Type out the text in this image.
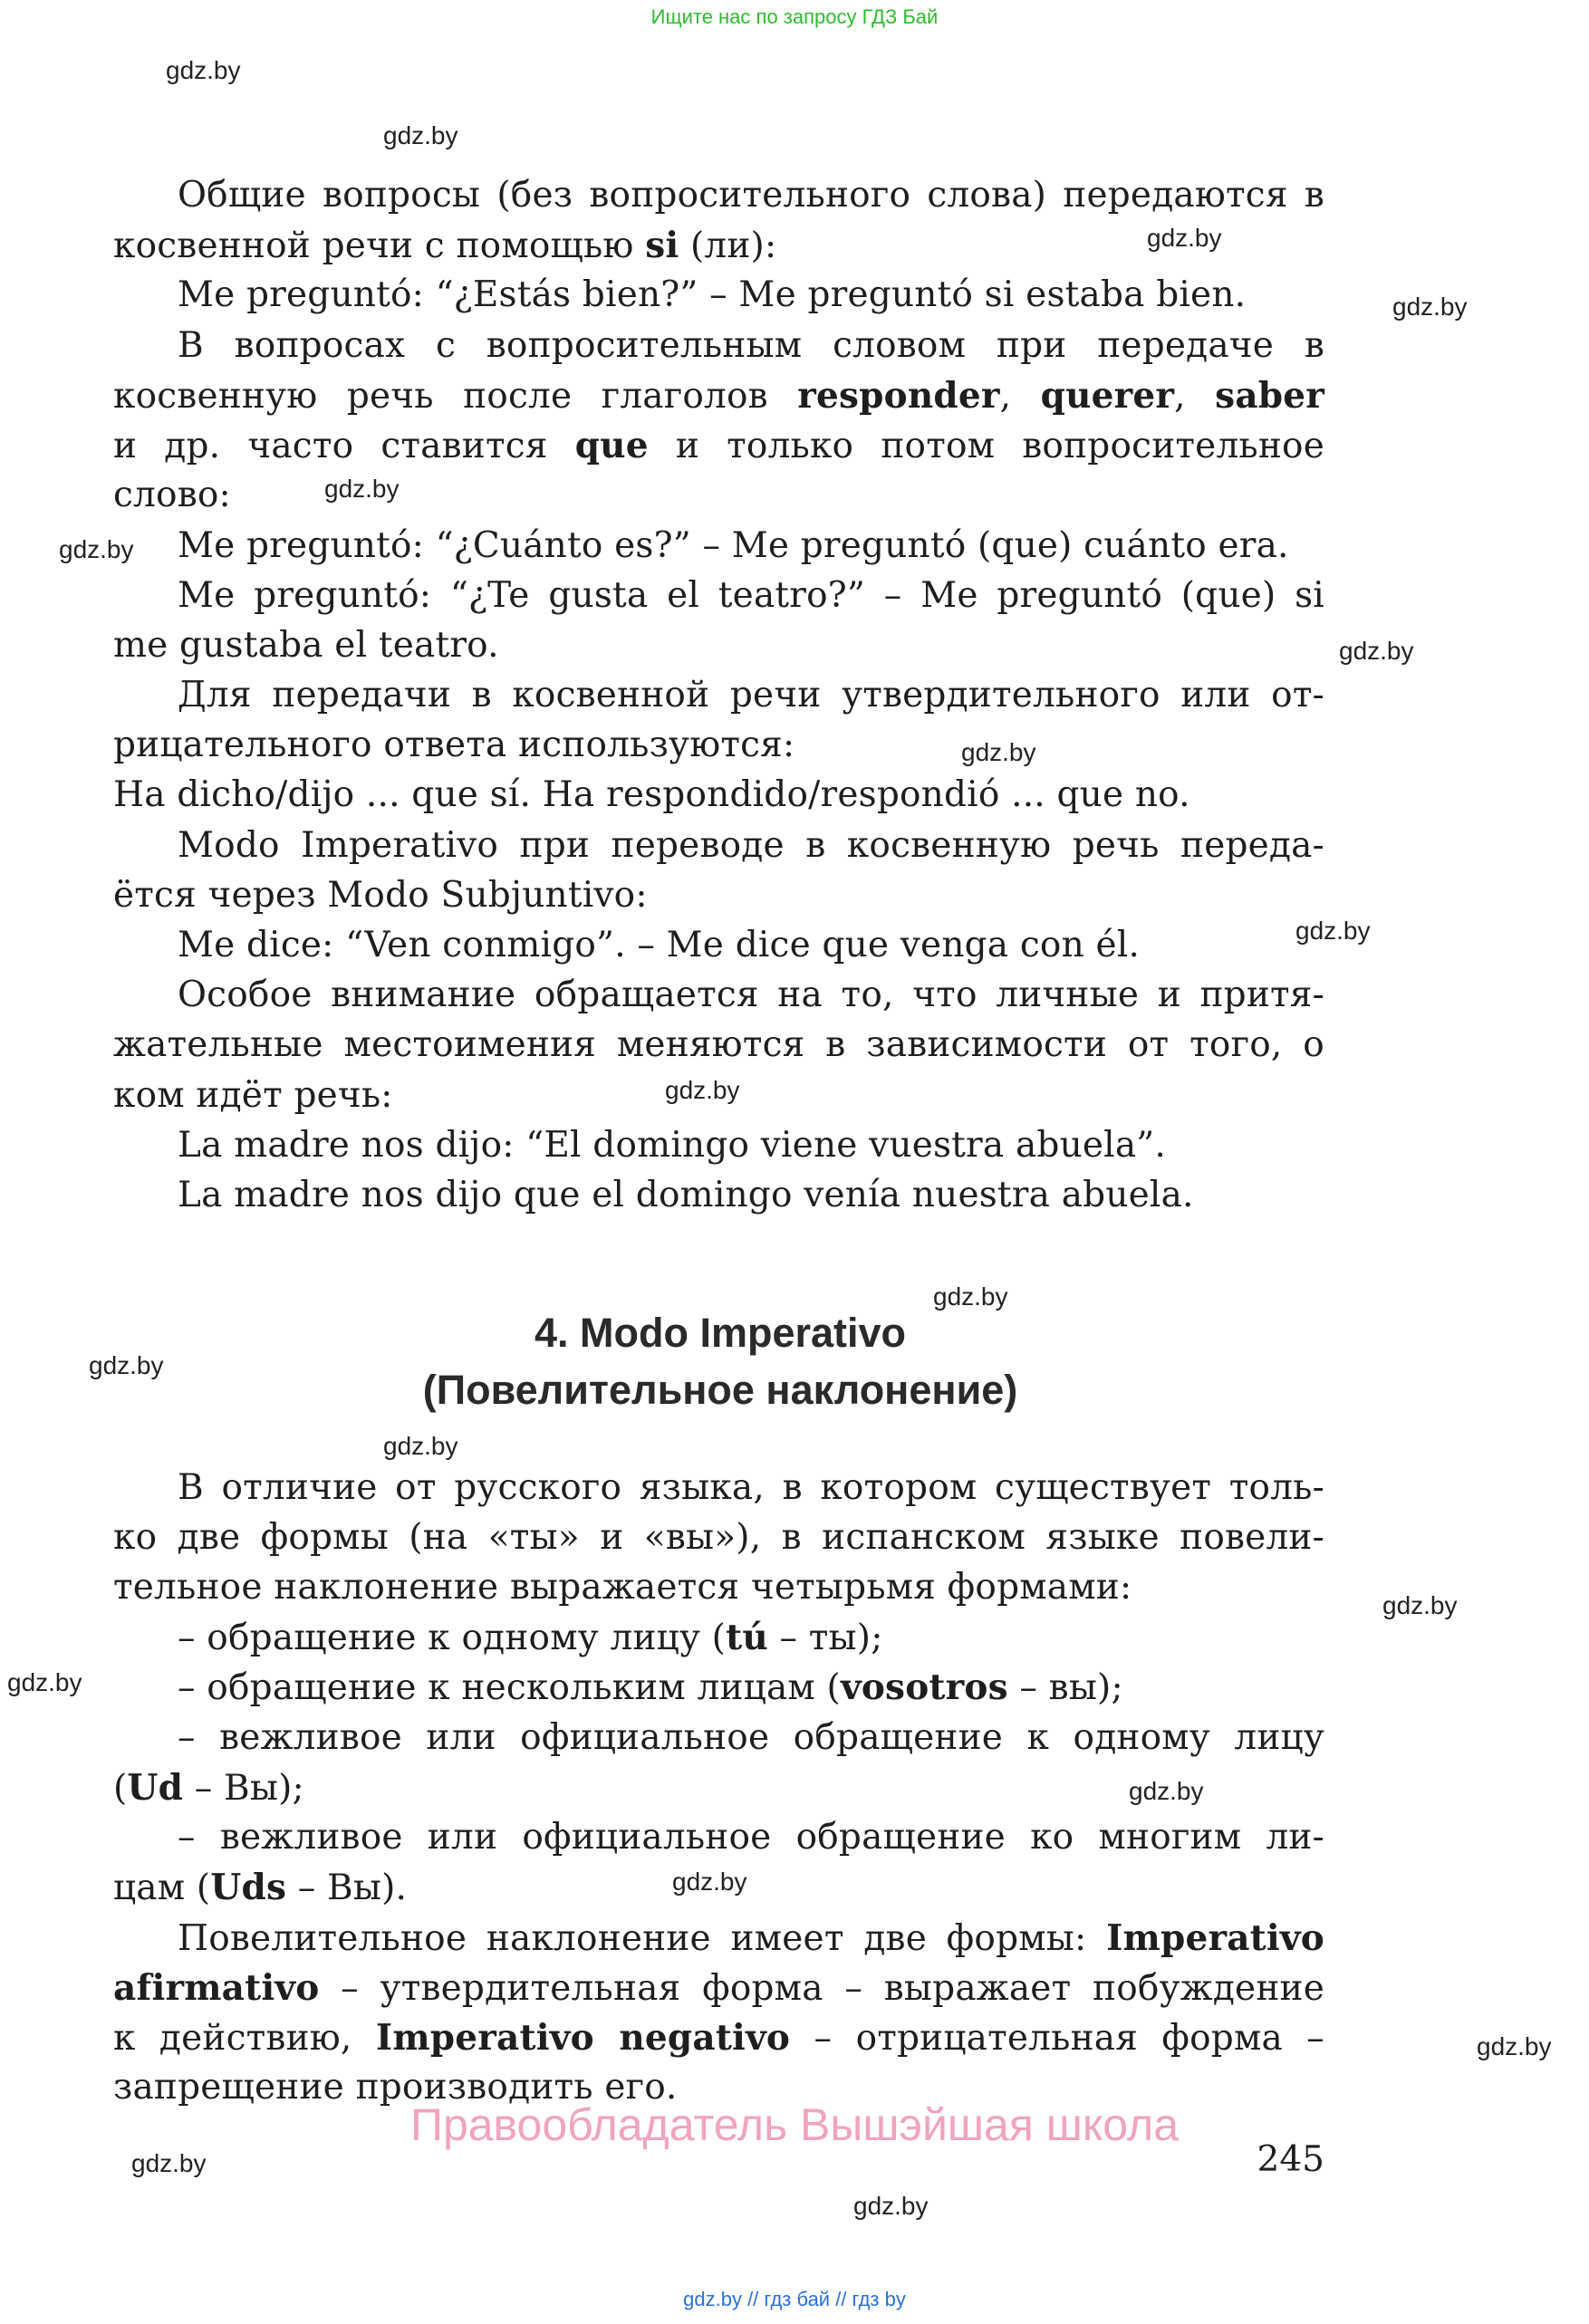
Ищите нас по запросу ГДЗ Бай
gdz.by
gdz.by
gdz.by
gdz.by
gdz.by
gdz.by
gdz.by
gdz.by
gdz.by
gdz.by
gdz.by
gdz.by
gdz.by
gdz.by
gdz.by
gdz.by
gdz.by
gdz.by
gdz.by
gdz.by
Общие вопросы (без вопросительного слова) передаются в
косвенной речи с помощью si (ли):
Me preguntó: “¿Estás bien?” – Me preguntó si estaba bien.
В вопросах с вопросительным словом при передаче в
косвенную речь после глаголов responder, querer, saber
и др. часто ставится que и только потом вопросительное
слово:
Me preguntó: “¿Cuánto es?” – Me preguntó (que) cuánto era.
Me preguntó: “¿Te gusta el teatro?” – Me preguntó (que) si
me gustaba el teatro.
Для передачи в косвенной речи утвердительного или от-
рицательного ответа используются:
Ha dicho/dijo ... que sí. Ha respondido/respondió ... que no.
Modo Imperativo при переводе в косвенную речь переда-
ётся через Modo Subjuntivo:
Me dice: “Ven conmigo”. – Me dice que venga con él.
Особое внимание обращается на то, что личные и притя-
жательные местоимения меняются в зависимости от того, о
ком идёт речь:
La madre nos dijo: “El domingo viene vuestra abuela”.
La madre nos dijo que el domingo venía nuestra abuela.
4. Modo Imperativo
(Повелительное наклонение)
В отличие от русского языка, в котором существует толь-
ко две формы (на «ты» и «вы»), в испанском языке повели-
тельное наклонение выражается четырьмя формами:
– обращение к одному лицу (tú – ты);
– обращение к нескольким лицам (vosotros – вы);
– вежливое или официальное обращение к одному лицу
(Ud – Вы);
– вежливое или официальное обращение ко многим ли-
цам (Uds – Вы).
Повелительное наклонение имеет две формы: Imperativo
afirmativo – утвердительная форма – выражает побуждение
к действию, Imperativo negativo – отрицательная форма –
запрещение производить его.
Правообладатель Вышэйшая школа
245
gdz.by // гдз бай // гдз by
